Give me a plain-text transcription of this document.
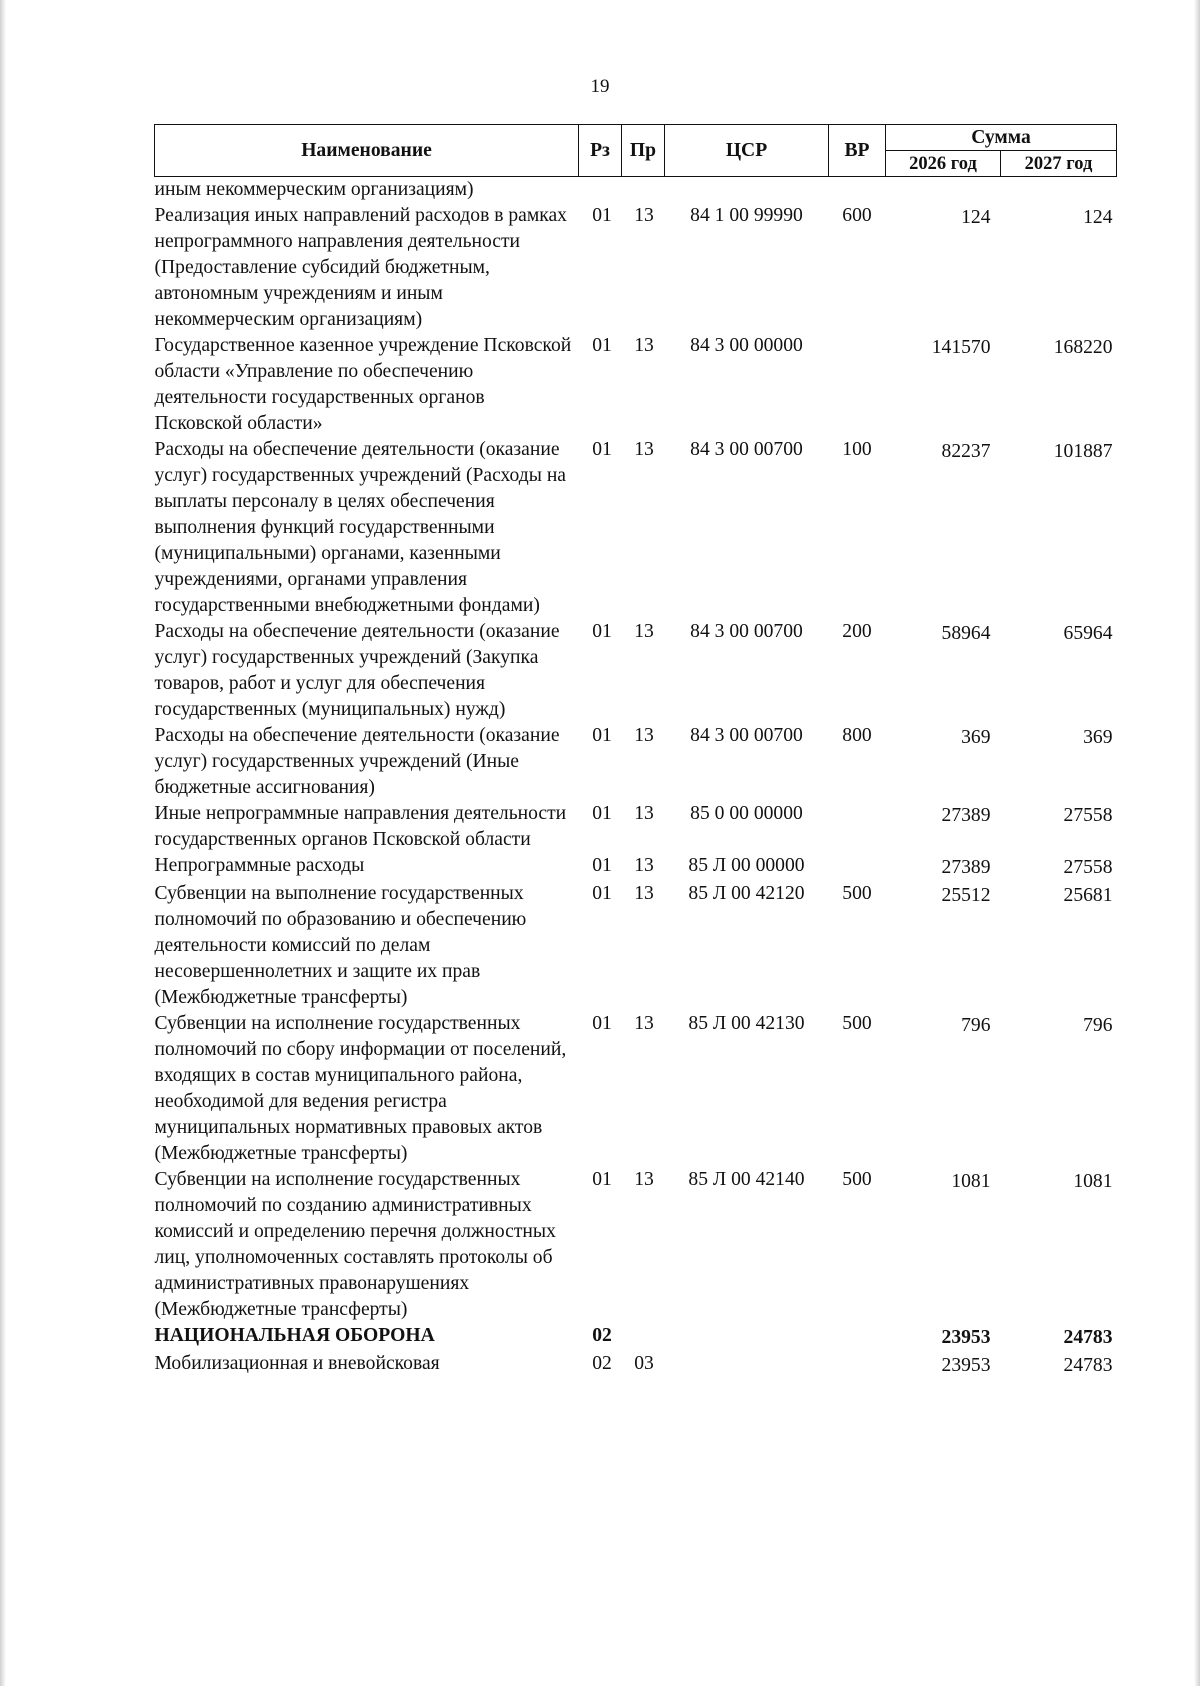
19
Наименование	Рз	Пр	ЦСР	ВР	Сумма	
					2026 год	2027 год
иным некоммерческим организациям)						
Реализация иных направлений расходов в рамках непрограммного направления деятельности (Предоставление субсидий бюджетным, автономным учреждениям и иным некоммерческим организациям)	01	13	84 1 00 99990	600	124	124
Государственное казенное учреждение Псковской области «Управление по обеспечению деятельности государственных органов Псковской области»	01	13	84 3 00 00000		141570	168220
Расходы на обеспечение деятельности (оказание услуг) государственных учреждений (Расходы на выплаты персоналу в целях обеспечения выполнения функций государственными (муниципальными) органами, казенными учреждениями, органами управления государственными внебюджетными фондами)	01	13	84 3 00 00700	100	82237	101887
Расходы на обеспечение деятельности (оказание услуг) государственных учреждений (Закупка товаров, работ и услуг для обеспечения государственных (муниципальных) нужд)	01	13	84 3 00 00700	200	58964	65964
Расходы на обеспечение деятельности (оказание услуг) государственных учреждений (Иные бюджетные ассигнования)	01	13	84 3 00 00700	800	369	369
Иные непрограммные направления деятельности государственных органов Псковской области	01	13	85 0 00 00000		27389	27558
Непрограммные расходы	01	13	85 Л 00 00000		27389	27558
Субвенции на выполнение государственных полномочий по образованию и обеспечению деятельности комиссий по делам несовершеннолетних и защите их прав (Межбюджетные трансферты)	01	13	85 Л 00 42120	500	25512	25681
Субвенции на исполнение государственных полномочий по сбору информации от поселений, входящих в состав муниципального района, необходимой для ведения регистра муниципальных нормативных правовых актов (Межбюджетные трансферты)	01	13	85 Л 00 42130	500	796	796
Субвенции на исполнение государственных полномочий по созданию административных комиссий и определению перечня должностных лиц, уполномоченных составлять протоколы об административных правонарушениях (Межбюджетные трансферты)	01	13	85 Л 00 42140	500	1081	1081
НАЦИОНАЛЬНАЯ ОБОРОНА	02				23953	24783
Мобилизационная и вневойсковая	02	03			23953	24783
